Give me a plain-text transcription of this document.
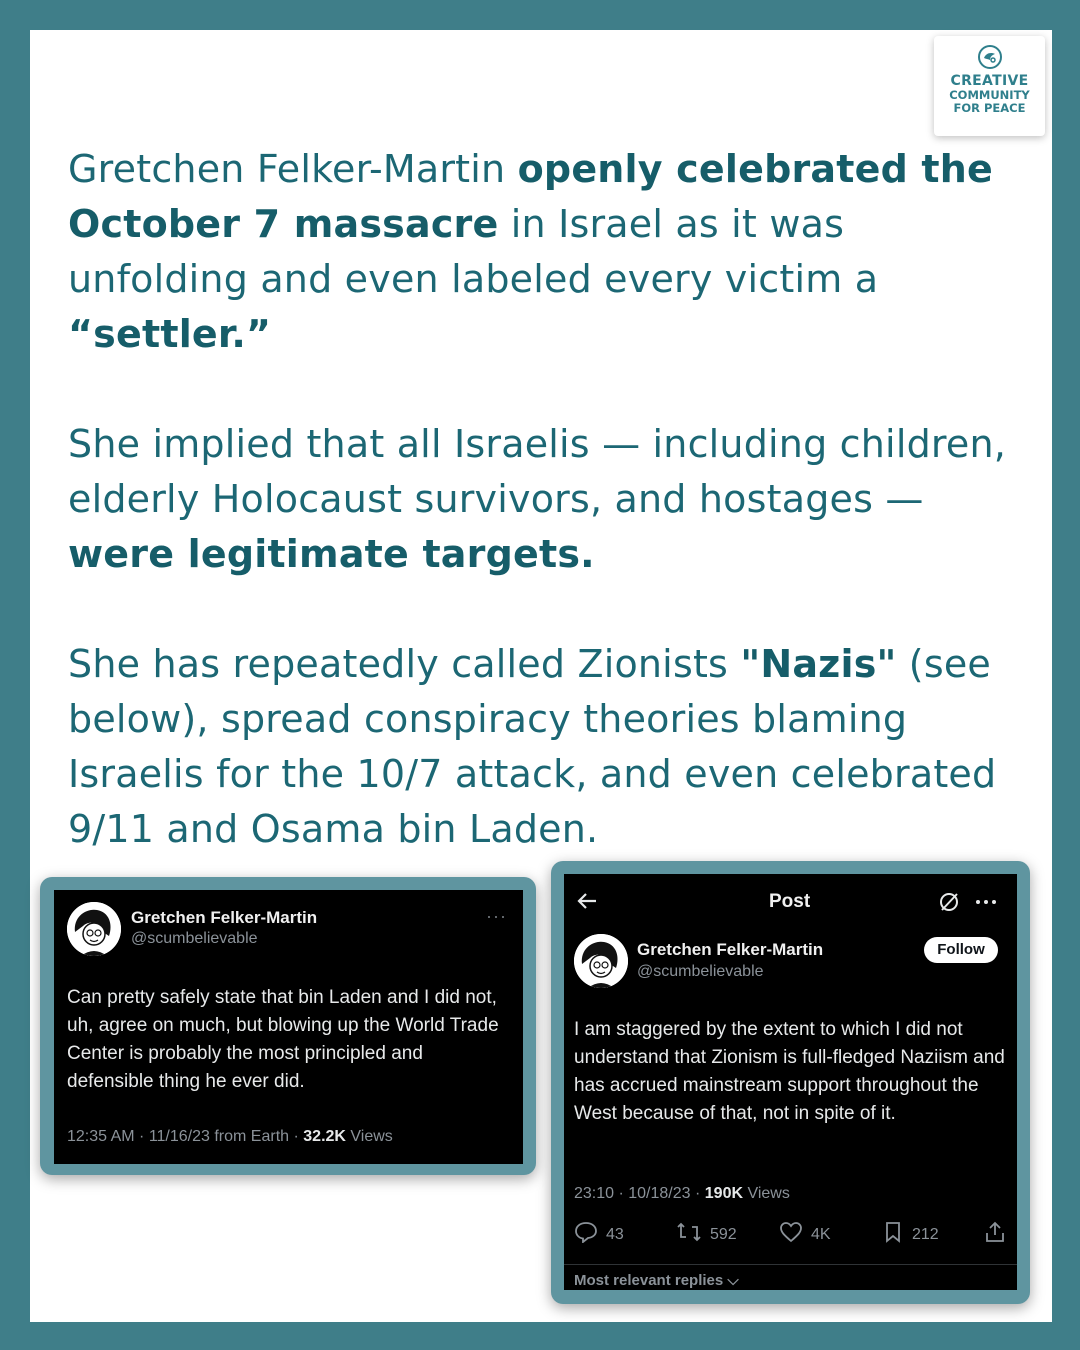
CREATIVE
COMMUNITY
FOR PEACE
Gretchen Felker-Martin openly celebrated the October 7 massacre in Israel as it was unfolding and even labeled every victim a “settler.”
She implied that all Israelis — including children, elderly Holocaust survivors, and hostages — were legitimate targets.
She has repeatedly called Zionists "Nazis" (see below), spread conspiracy theories blaming Israelis for the 10/7 attack, and even celebrated 9/11 and Osama bin Laden.
Gretchen Felker-Martin
@scumbelievable
···
Can pretty safely state that bin Laden and I did not, uh, agree on much, but blowing up the World Trade Center is probably the most principled and defensible thing he ever did.
12:35 AM · 11/16/23 from Earth · 32.2K Views
Post
Gretchen Felker-Martin
@scumbelievable
Follow
I am staggered by the extent to which I did not understand that Zionism is full-fledged Naziism and has accrued mainstream support throughout the West because of that, not in spite of it.
23:10 · 10/18/23 · 190K Views
43	592	4K	212
Most relevant replies ⌵
